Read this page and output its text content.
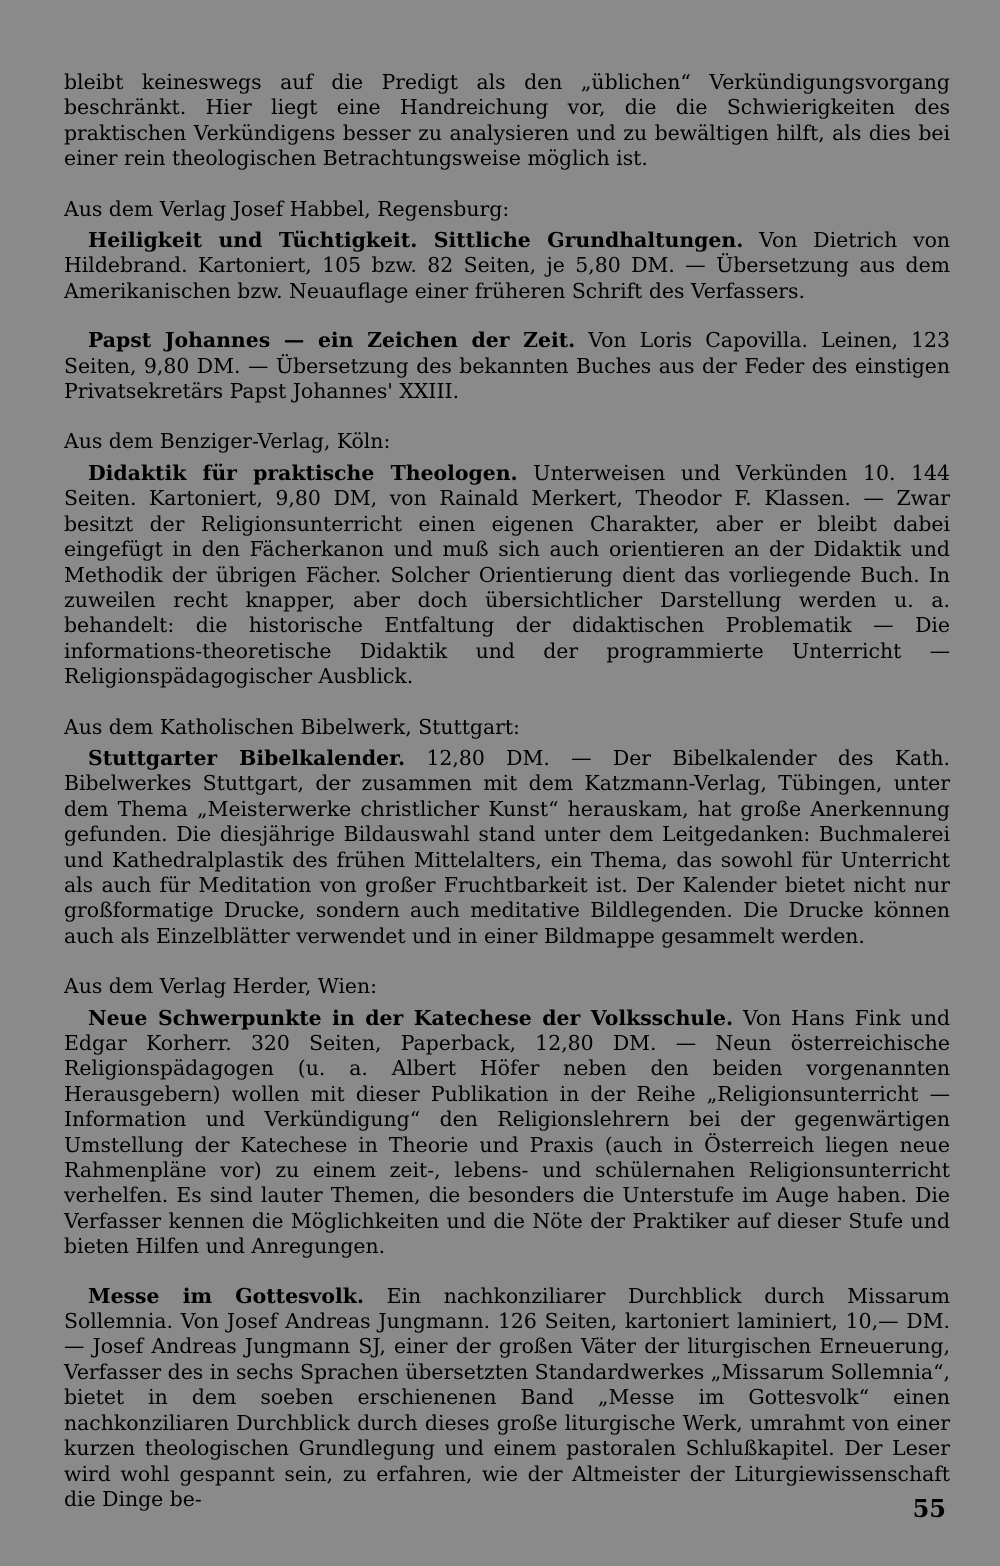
bleibt keineswegs auf die Predigt als den „üblichen“ Verkündigungsvorgang beschränkt. Hier liegt eine Handreichung vor, die die Schwierigkeiten des praktischen Verkündigens besser zu analysieren und zu bewältigen hilft, als dies bei einer rein theologischen Betrachtungsweise möglich ist.

Aus dem Verlag Josef Habbel, Regensburg:

Heiligkeit und Tüchtigkeit. Sittliche Grundhaltungen. Von Dietrich von Hildebrand. Kartoniert, 105 bzw. 82 Seiten, je 5,80 DM. — Übersetzung aus dem Amerikanischen bzw. Neuauflage einer früheren Schrift des Verfassers.

Papst Johannes — ein Zeichen der Zeit. Von Loris Capovilla. Leinen, 123 Seiten, 9,80 DM. — Übersetzung des bekannten Buches aus der Feder des einstigen Privatsekretärs Papst Johannes' XXIII.

Aus dem Benziger-Verlag, Köln:

Didaktik für praktische Theologen. Unterweisen und Verkünden 10. 144 Seiten. Kartoniert, 9,80 DM, von Rainald Merkert, Theodor F. Klassen. — Zwar besitzt der Religionsunterricht einen eigenen Charakter, aber er bleibt dabei eingefügt in den Fächerkanon und muß sich auch orientieren an der Didaktik und Methodik der übrigen Fächer. Solcher Orientierung dient das vorliegende Buch. In zuweilen recht knapper, aber doch übersichtlicher Darstellung werden u. a. behandelt: die historische Entfaltung der didaktischen Problematik — Die informations-theoretische Didaktik und der programmierte Unterricht — Religionspädagogischer Ausblick.

Aus dem Katholischen Bibelwerk, Stuttgart:

Stuttgarter Bibelkalender. 12,80 DM. — Der Bibelkalender des Kath. Bibelwerkes Stuttgart, der zusammen mit dem Katzmann-Verlag, Tübingen, unter dem Thema „Meisterwerke christlicher Kunst“ herauskam, hat große Anerkennung gefunden. Die diesjährige Bildauswahl stand unter dem Leitgedanken: Buchmalerei und Kathedralplastik des frühen Mittelalters, ein Thema, das sowohl für Unterricht als auch für Meditation von großer Fruchtbarkeit ist. Der Kalender bietet nicht nur großformatige Drucke, sondern auch meditative Bildlegenden. Die Drucke können auch als Einzelblätter verwendet und in einer Bildmappe gesammelt werden.

Aus dem Verlag Herder, Wien:

Neue Schwerpunkte in der Katechese der Volksschule. Von Hans Fink und Edgar Korherr. 320 Seiten, Paperback, 12,80 DM. — Neun österreichische Religionspädagogen (u. a. Albert Höfer neben den beiden vorgenannten Herausgebern) wollen mit dieser Publikation in der Reihe „Religionsunterricht — Information und Verkündigung“ den Religionslehrern bei der gegenwärtigen Umstellung der Katechese in Theorie und Praxis (auch in Österreich liegen neue Rahmenpläne vor) zu einem zeit-, lebens- und schülernahen Religionsunterricht verhelfen. Es sind lauter Themen, die besonders die Unterstufe im Auge haben. Die Verfasser kennen die Möglichkeiten und die Nöte der Praktiker auf dieser Stufe und bieten Hilfen und Anregungen.

Messe im Gottesvolk. Ein nachkonziliarer Durchblick durch Missarum Sollemnia. Von Josef Andreas Jungmann. 126 Seiten, kartoniert laminiert, 10,— DM. — Josef Andreas Jungmann SJ, einer der großen Väter der liturgischen Erneuerung, Verfasser des in sechs Sprachen übersetzten Standardwerkes „Missarum Sollemnia“, bietet in dem soeben erschienenen Band „Messe im Gottesvolk“ einen nachkonziliaren Durchblick durch dieses große liturgische Werk, umrahmt von einer kurzen theologischen Grundlegung und einem pastoralen Schlußkapitel. Der Leser wird wohl gespannt sein, zu erfahren, wie der Altmeister der Liturgiewissenschaft die Dinge be-	55
